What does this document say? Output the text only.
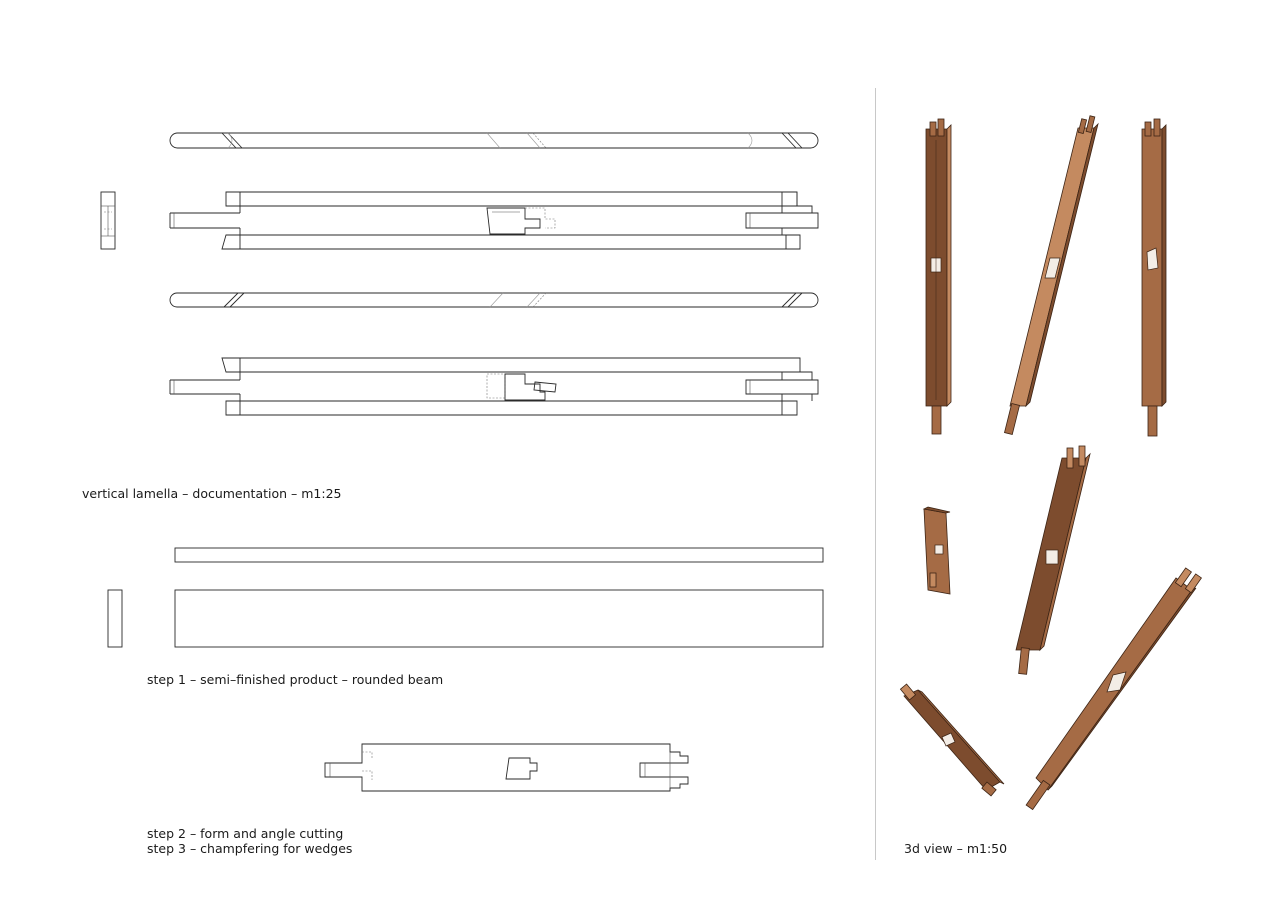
vertical lamella – documentation – m1:25
step 1 – semi–finished product – rounded beam
step 2 – form and angle cutting
step 3 – champfering for wedges	3d view – m1:50
